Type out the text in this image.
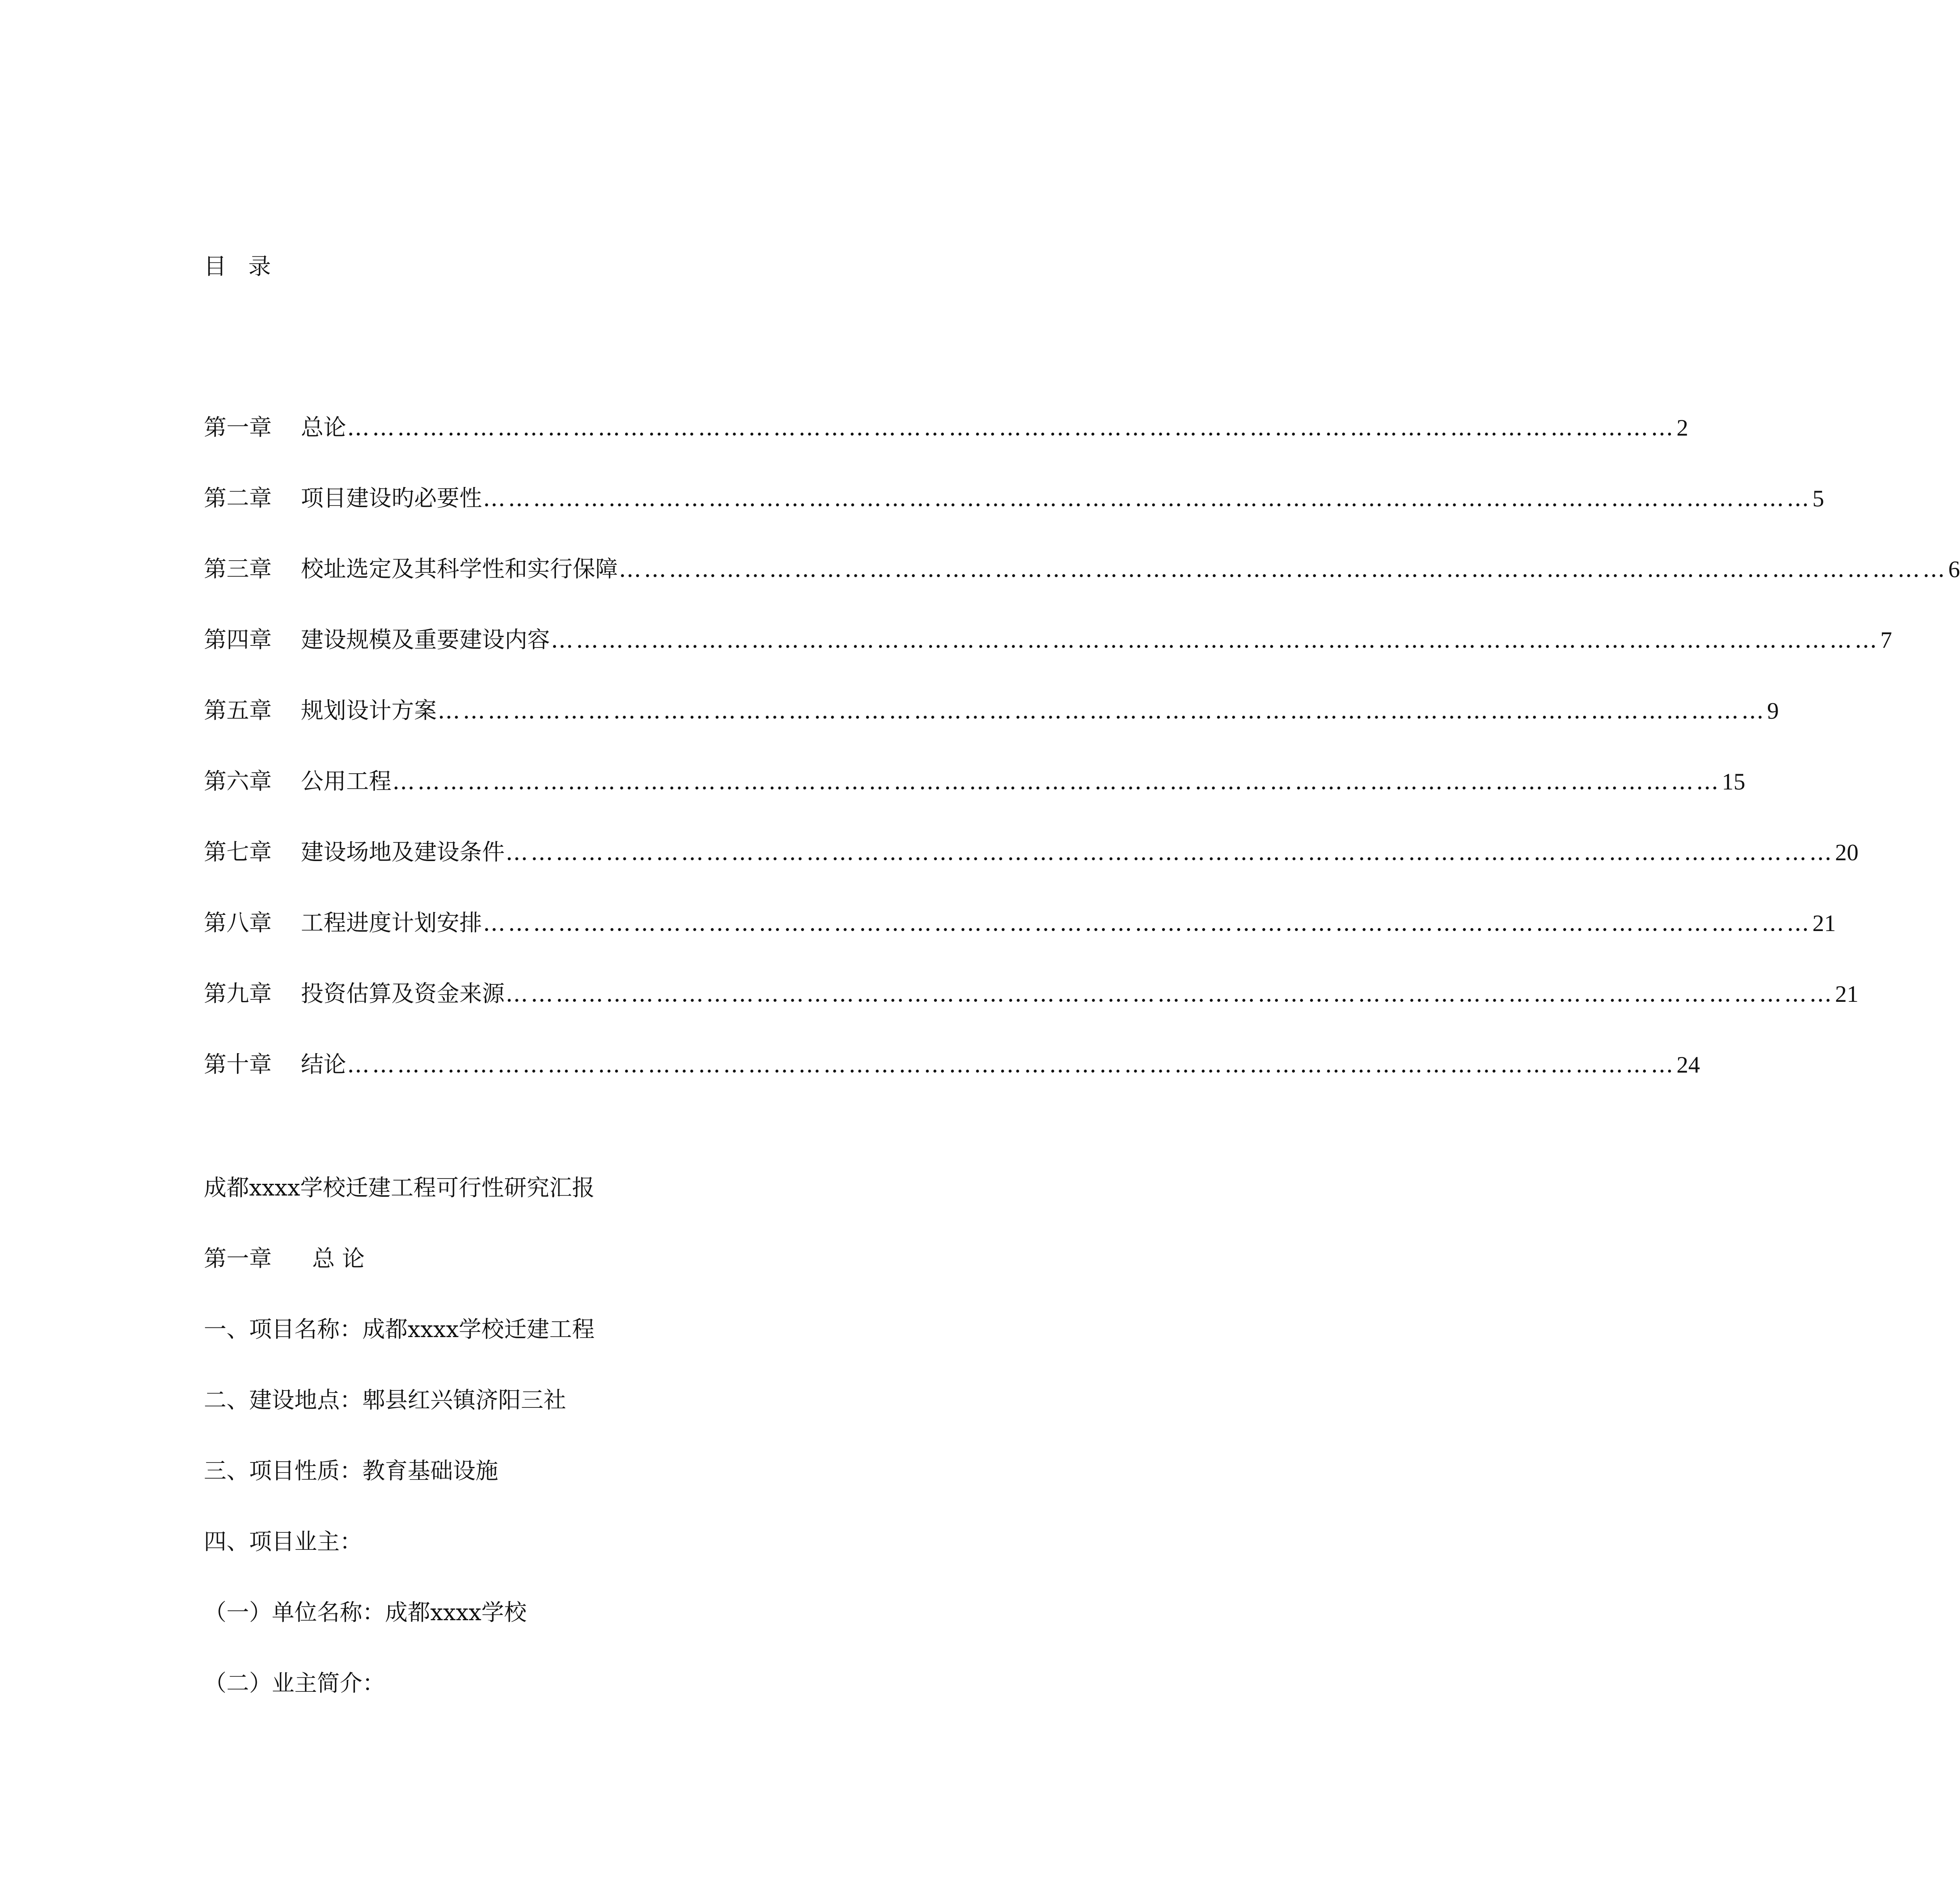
目录
第一章	总论 …………………………………………………………………………………………………………………………………………… 2
第二章	项目建设旳必要性 …………………………………………………………………………………………………………………………………………… 5
第三章	校址选定及其科学性和实行保障 …………………………………………………………………………………………………………………………………………… 6
第四章	建设规模及重要建设内容 …………………………………………………………………………………………………………………………………………… 7
第五章	规划设计方案 …………………………………………………………………………………………………………………………………………… 9
第六章	公用工程 …………………………………………………………………………………………………………………………………………… 15
第七章	建设场地及建设条件 …………………………………………………………………………………………………………………………………………… 20
第八章	工程进度计划安排 …………………………………………………………………………………………………………………………………………… 21
第九章	投资估算及资金来源 …………………………………………………………………………………………………………………………………………… 21
第十章	结论 …………………………………………………………………………………………………………………………………………… 24
成都xxxx学校迁建工程可行性研究汇报
第一章 总 论
一、项目名称：成都xxxx学校迁建工程
二、建设地点：郫县红兴镇济阳三社
三、项目性质：教育基础设施
四、项目业主：
（一）单位名称：成都xxxx学校
（二）业主简介：
